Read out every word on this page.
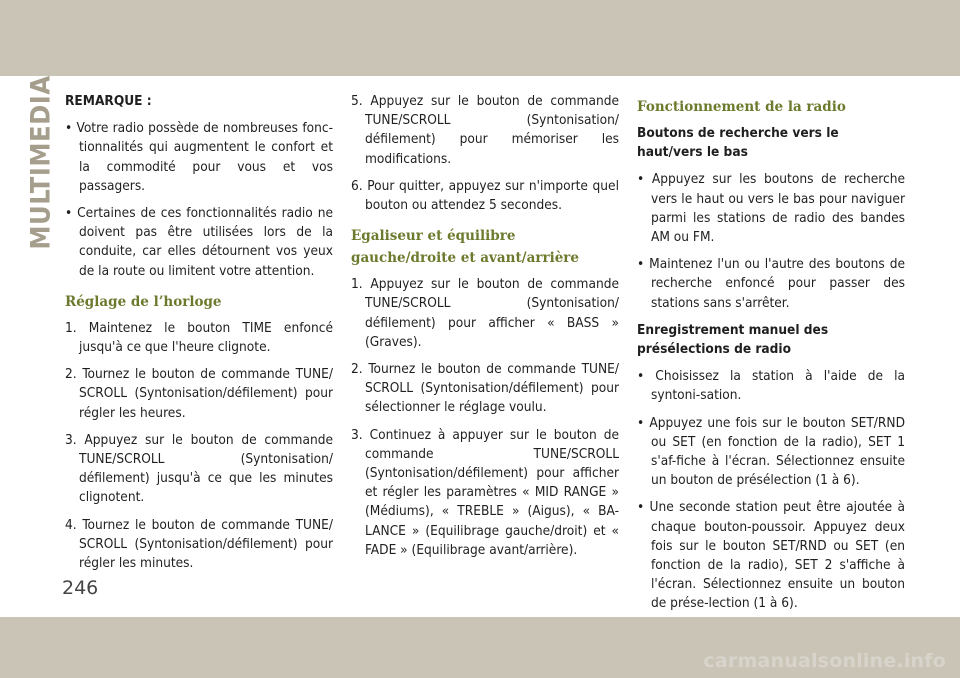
MULTIMEDIA REMARQUE :

• Votre radio possède de nombreuses fonc-tionnalités qui augmentent le confort et la commodité pour vous et vos passagers.

• Certaines de ces fonctionnalités radio ne doivent pas être utilisées lors de la conduite, car elles détournent vos yeux de la route ou limitent votre attention.

Réglage de l’horloge

1. Maintenez le bouton TIME enfoncé jusqu'à ce que l'heure clignote.

2. Tournez le bouton de commande TUNE/ SCROLL (Syntonisation/défilement) pour régler les heures.

3. Appuyez sur le bouton de commande TUNE/SCROLL (Syntonisation/ défilement) jusqu'à ce que les minutes clignotent.

4. Tournez le bouton de commande TUNE/ SCROLL (Syntonisation/défilement) pour régler les minutes.

5. Appuyez sur le bouton de commande TUNE/SCROLL (Syntonisation/ défilement) pour mémoriser les modifications.

6. Pour quitter, appuyez sur n'importe quel bouton ou attendez 5 secondes.

Egaliseur et équilibre gauche/droite et avant/arrière

1. Appuyez sur le bouton de commande TUNE/SCROLL (Syntonisation/ défilement) pour afficher « BASS » (Graves).

2. Tournez le bouton de commande TUNE/ SCROLL (Syntonisation/défilement) pour sélectionner le réglage voulu.

3. Continuez à appuyer sur le bouton de commande TUNE/SCROLL (Syntonisation/défilement) pour afficher et régler les paramètres « MID RANGE » (Médiums), « TREBLE » (Aigus), « BA-LANCE » (Equilibrage gauche/droit) et « FADE » (Equilibrage avant/arrière).

Fonctionnement de la radio

Boutons de recherche vers le haut/vers le bas

• Appuyez sur les boutons de recherche vers le haut ou vers le bas pour naviguer parmi les stations de radio des bandes AM ou FM.

• Maintenez l'un ou l'autre des boutons de recherche enfoncé pour passer des stations sans s'arrêter.

Enregistrement manuel des présélections de radio

• Choisissez la station à l'aide de la syntoni-sation.

• Appuyez une fois sur le bouton SET/RND ou SET (en fonction de la radio), SET 1 s'af-fiche à l'écran. Sélectionnez ensuite un bouton de présélection (1 à 6).

• Une seconde station peut être ajoutée à chaque bouton-poussoir. Appuyez deux fois sur le bouton SET/RND ou SET (en fonction de la radio), SET 2 s'affiche à l'écran. Sélectionnez ensuite un bouton de prése-lection (1 à 6).

246
carmanualsonline.info
